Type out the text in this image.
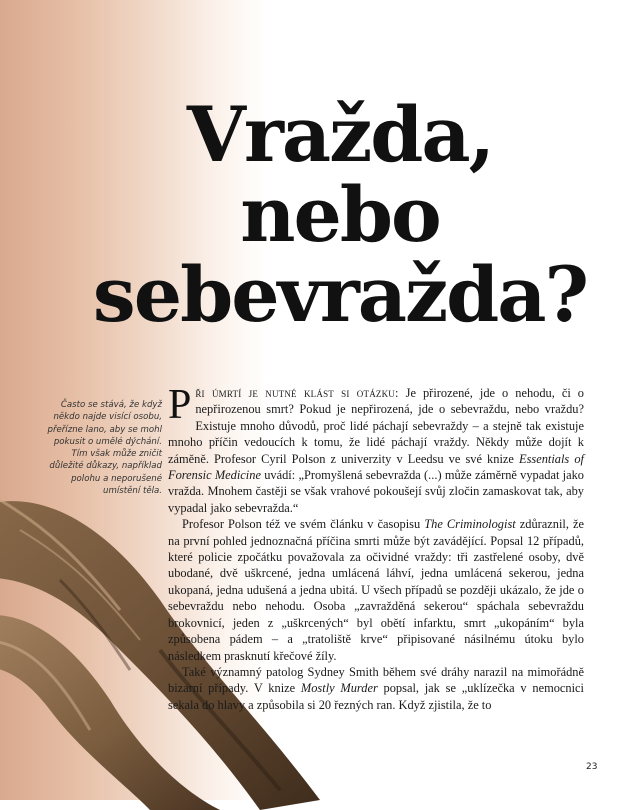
Vražda,
nebo
sebevražda?
Často se stává, že když někdo najde visící osobu, přeřízne lano, aby se mohl pokusit o umělé dýchání. Tím však může zničit důležité důkazy, například polohu a neporušené umístění těla.

Při úmrtí je nutné klást si otázku: Je přirozené, jde o nehodu, či o nepřirozenou smrt? Pokud je nepřirozená, jde o sebevraždu, nebo vraždu? Existuje mnoho důvodů, proč lidé páchají sebevraždy – a stejně tak existuje mnoho příčin vedoucích k tomu, že lidé páchají vraždy. Někdy může dojít k záměně. Profesor Cyril Polson z univerzity v Leedsu ve své knize Essentials of Forensic Medicine uvádí: „Promyšlená sebevražda (...) může záměrně vypadat jako vražda. Mnohem častěji se však vrahové pokoušejí svůj zločin zamaskovat tak, aby vypadal jako sebevražda.“

Profesor Polson též ve svém článku v časopisu The Criminologist zdůraznil, že na první pohled jednoznačná příčina smrti může být zavádějící. Popsal 12 případů, které policie zpočátku považovala za očividné vraždy: tři zastřelené osoby, dvě ubodané, dvě uškrcené, jedna umlácená láhví, jedna umlácená sekerou, jedna ukopaná, jedna udušená a jedna ubitá. U všech případů se později ukázalo, že jde o sebevraždu nebo nehodu. Osoba „zavražděná sekerou“ spáchala sebevraždu brokovnicí, jeden z „uškrcených“ byl obětí infarktu, smrt „ukopáním“ byla způsobena pádem – a „tratoliště krve“ připisované násilnému útoku bylo následkem prasknutí křečové žíly.

Také významný patolog Sydney Smith během své dráhy narazil na mimořádně bizarní případy. V knize Mostly Murder popsal, jak se „uklízečka v nemocnici sekala do hlavy a způsobila si 20 řezných ran. Když zjistila, že to

23
